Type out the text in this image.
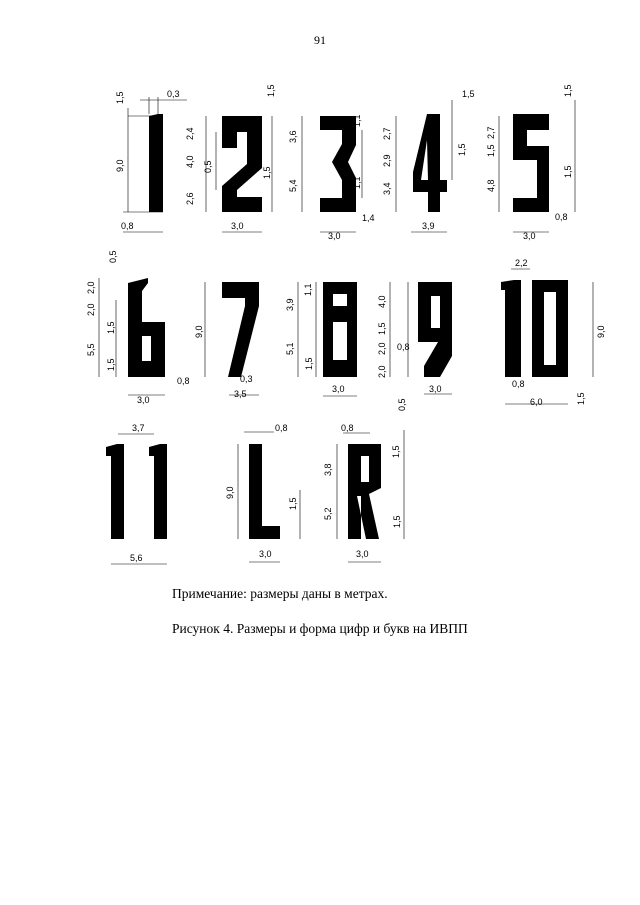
91
1,5	0,3
9,0
0,8
2,4
4,0 0,5
2,6
1,5
1,5
3,0
3,6
5,4
1,1
1,1
1,4
3,0
1,5
2,7
2,9
3,4
1,5
3,9
1,5
2,7
1,5
4,8
1,5
0,8
3,0
0,5
2,0
2,0
1,5
5,5
1,5
0,8
3,0
9,0
0,3
3,5
3,9
1,1
5,1
1,5
3,0
4,0
1,5
2,0 0,8
2,0
0,5
3,0
2,2
9,0
0,8
6,0	1,5
3,7
5,6
0,8
9,0
1,5
3,0
0,8
3,8
1,5
5,2
1,5
3,0
Примечание: размеры даны в метрах.
Рисунок 4. Размеры и форма цифр и букв на ИВПП
